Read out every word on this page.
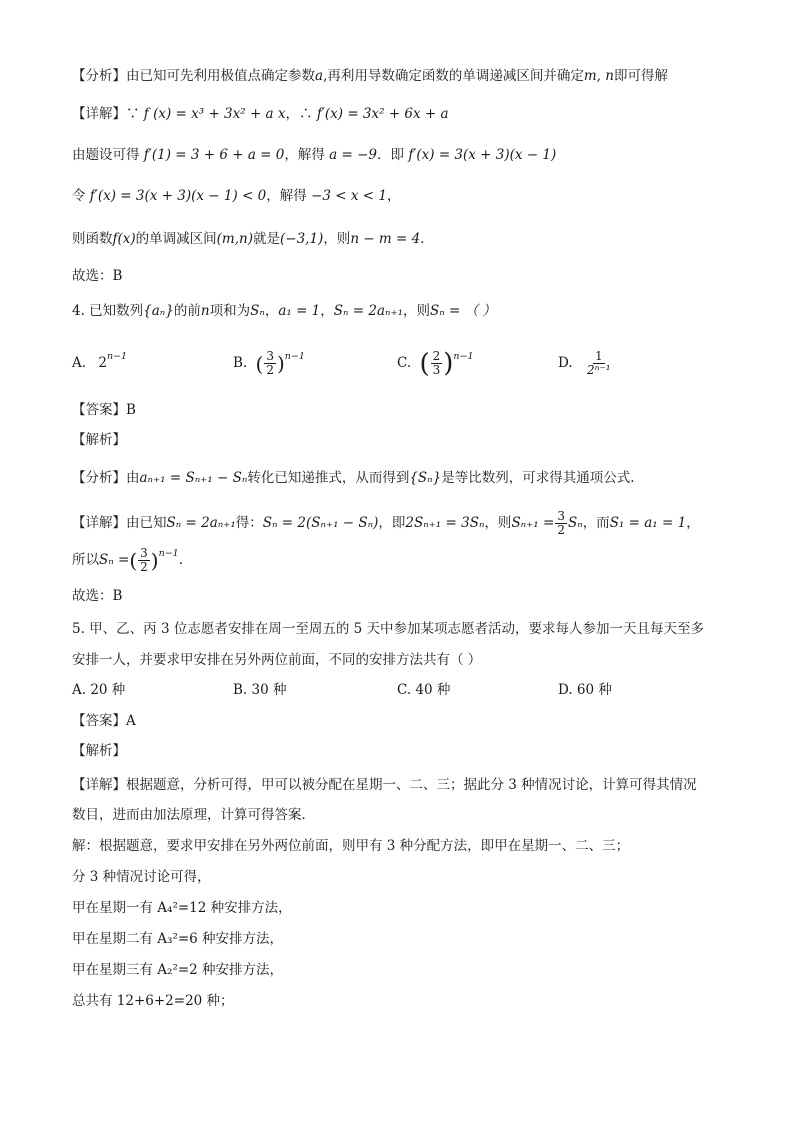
【分析】由已知可先利用极值点确定参数a,再利用导数确定函数的单调递减区间并确定m, n即可得解
【详解】∵ f (x) = x³ + 3x² + a x，∴ f′(x) = 3x² + 6x + a
由题设可得 f′(1) = 3 + 6 + a = 0，解得 a = −9．即 f′(x) = 3(x + 3)(x − 1)
令 f′(x) = 3(x + 3)(x − 1) < 0，解得 −3 < x < 1，
则函数f(x)的单调减区间(m,n)就是(−3,1)，则n − m = 4．
故选：B
4. 已知数列{aₙ}的前n项和为Sₙ，a₁ = 1，Sₙ = 2aₙ₊₁，则Sₙ = （ ）
A. $2^{n-1}$	B. ( $\frac{3}{2} )^{n-1}$	C. ( $\frac{2}{3} )^{n-1}$	D. $\frac{1}{\text{2ⁿ⁻¹}}$
【答案】B
【解析】
【分析】由aₙ₊₁ = Sₙ₊₁ − Sₙ转化已知递推式，从而得到{Sₙ}是等比数列，可求得其通项公式.
【详解】由已知Sₙ = 2aₙ₊₁得：Sₙ = 2(Sₙ₊₁ − Sₙ)，即2Sₙ₊₁ = 3Sₙ，则$S_{n+1} = \frac{3}{2}$ Sₙ，而S₁ = a₁ = 1，
所以Sₙ =( $\frac{3}{2} )^{n-1}$.
故选：B
5. 甲、乙、丙 3 位志愿者安排在周一至周五的 5 天中参加某项志愿者活动，要求每人参加一天且每天至多
安排一人，并要求甲安排在另外两位前面，不同的安排方法共有（ ）
A. 20 种	B. 30 种	C. 40 种	D. 60 种
【答案】A
【解析】
【详解】根据题意，分析可得，甲可以被分配在星期一、二、三；据此分 3 种情况讨论，计算可得其情况
数目，进而由加法原理，计算可得答案．
解：根据题意，要求甲安排在另外两位前面，则甲有 3 种分配方法，即甲在星期一、二、三；
分 3 种情况讨论可得，
甲在星期一有 A₄²=12 种安排方法，
甲在星期二有 A₃²=6 种安排方法，
甲在星期三有 A₂²=2 种安排方法，
总共有 12+6+2=20 种；
